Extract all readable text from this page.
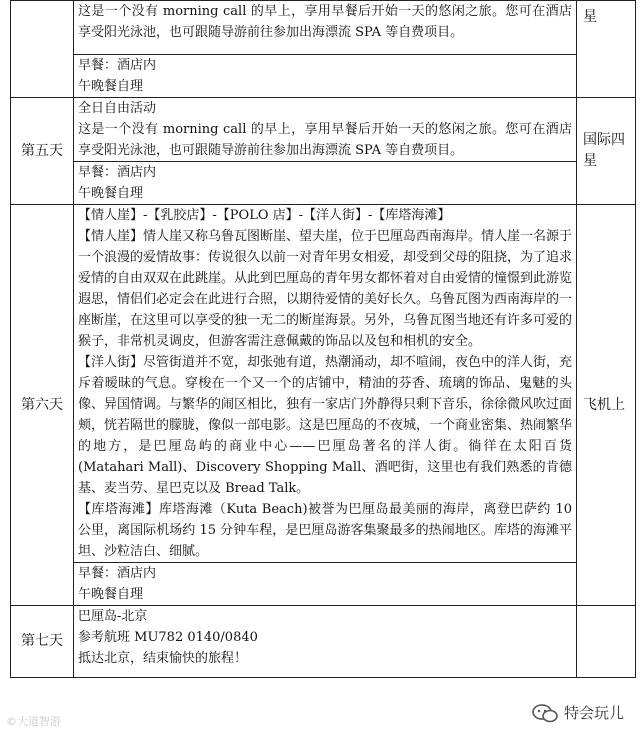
	这是一个没有 morning call 的早上，享用早餐后开始一天的悠闲之旅。您可在酒店享受阳光泳池，也可跟随导游前往参加出海漂流 SPA 等自费项目。	星

	早餐：酒店内
午晚餐自理	

第五天	全日自由活动
这是一个没有 morning call 的早上，享用早餐后开始一天的悠闲之旅。您可在酒店享受阳光泳池，也可跟随导游前往参加出海漂流 SPA 等自费项目。	国际四星

	早餐：酒店内
午晚餐自理	

第六天	【情人崖】-【乳胶店】-【POLO 店】-【洋人街】-【库塔海滩】
【情人崖】情人崖又称乌鲁瓦图断崖、望夫崖，位于巴厘岛西南海岸。情人崖一名源于一个浪漫的爱情故事：传说很久以前一对青年男女相爱，却受到父母的阻挠，为了追求爱情的自由双双在此跳崖。从此到巴厘岛的青年男女都怀着对自由爱情的憧憬到此游览遐思，情侣们必定会在此进行合照，以期待爱情的美好长久。乌鲁瓦图为西南海岸的一座断崖，在这里可以享受的独一无二的断崖海景。另外，乌鲁瓦图当地还有许多可爱的猴子，非常机灵调皮，但游客需注意佩戴的饰品以及包和相机的安全。
【洋人街】尽管街道并不宽，却张弛有道，热潮涌动，却不喧闹，夜色中的洋人街，充斥着暧昧的气息。穿梭在一个又一个的店铺中，精油的芬香、琉璃的饰品、鬼魅的头像、异国情调。与繁华的闹区相比，独有一家店门外静得只剩下音乐，徐徐微风吹过面颊，恍若隔世的朦胧，像似一部电影。这是巴厘岛的不夜城，一个商业密集、热闹繁华的地方，是巴厘岛屿的商业中心——巴厘岛著名的洋人街。徜徉在太阳百货(Matahari Mall)、Discovery Shopping Mall、酒吧街，这里也有我们熟悉的肯德基、麦当劳、星巴克以及 Bread Talk。
【库塔海滩】库塔海滩（Kuta Beach)被誉为巴厘岛最美丽的海岸，离登巴萨约 10 公里，离国际机场约 15 分钟车程，是巴厘岛游客集聚最多的热闹地区。库塔的海滩平坦、沙粒洁白、细腻。	飞机上

	早餐：酒店内
午晚餐自理	

第七天	巴厘岛-北京
参考航班 MU782 0140/0840
抵达北京，结束愉快的旅程！	

©大道智游	特会玩儿
